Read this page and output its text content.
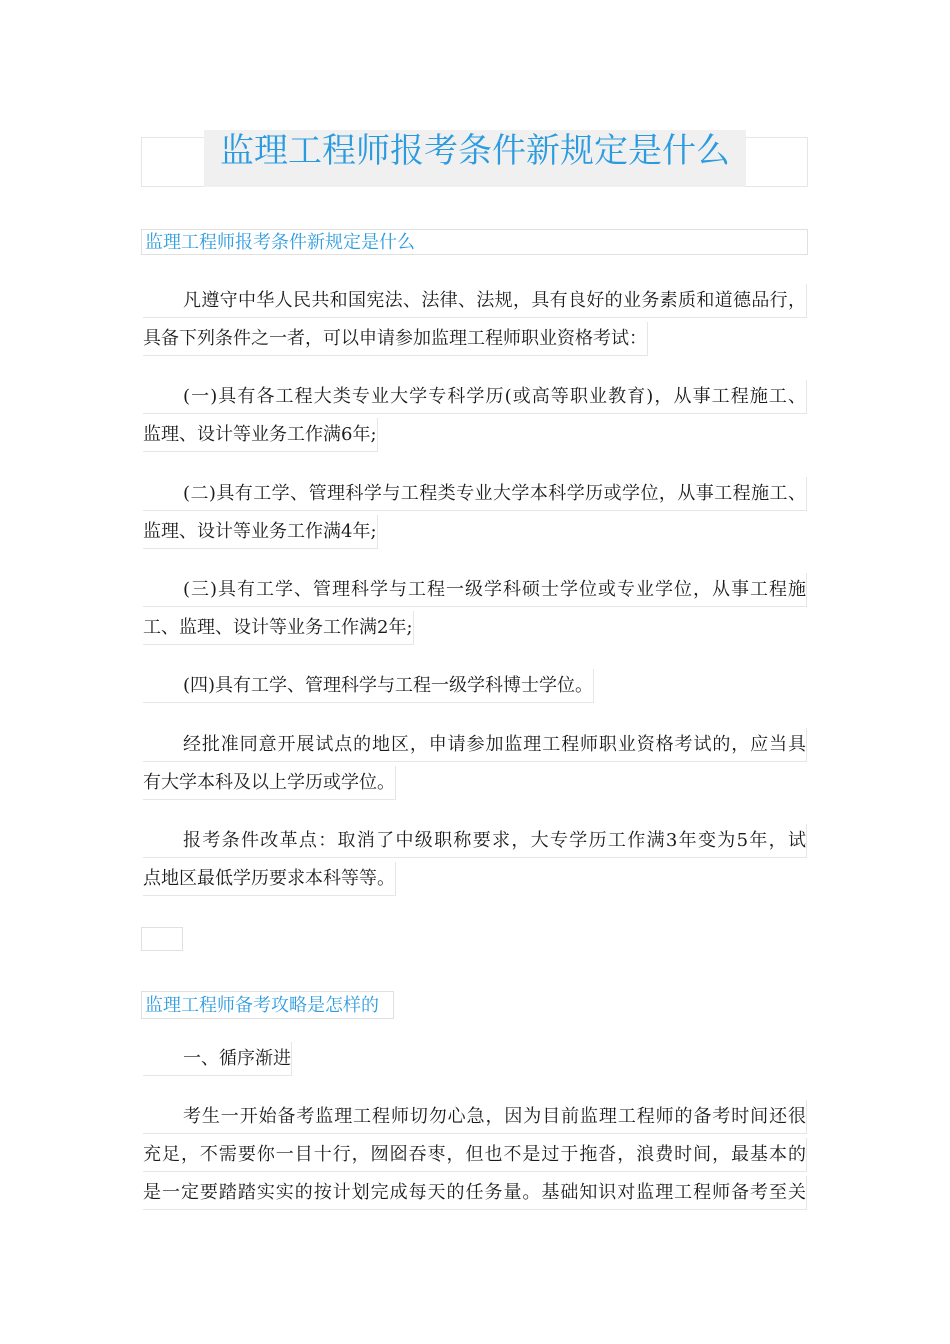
监理工程师报考条件新规定是什么
监理工程师报考条件新规定是什么
凡遵守中华人民共和国宪法、法律、法规，具有良好的业务素质和道德品行，
具备下列条件之一者，可以申请参加监理工程师职业资格考试：
(一)具有各工程大类专业大学专科学历(或高等职业教育)，从事工程施工、
监理、设计等业务工作满6年;
(二)具有工学、管理科学与工程类专业大学本科学历或学位，从事工程施工、
监理、设计等业务工作满4年;
(三)具有工学、管理科学与工程一级学科硕士学位或专业学位，从事工程施
工、监理、设计等业务工作满2年;
(四)具有工学、管理科学与工程一级学科博士学位。
经批准同意开展试点的地区，申请参加监理工程师职业资格考试的，应当具
有大学本科及以上学历或学位。
报考条件改革点：取消了中级职称要求，大专学历工作满3年变为5年，试
点地区最低学历要求本科等等。
监理工程师备考攻略是怎样的
一、循序渐进
考生一开始备考监理工程师切勿心急，因为目前监理工程师的备考时间还很
充足，不需要你一目十行，囫囵吞枣，但也不是过于拖沓，浪费时间，最基本的
是一定要踏踏实实的按计划完成每天的任务量。基础知识对监理工程师备考至关
